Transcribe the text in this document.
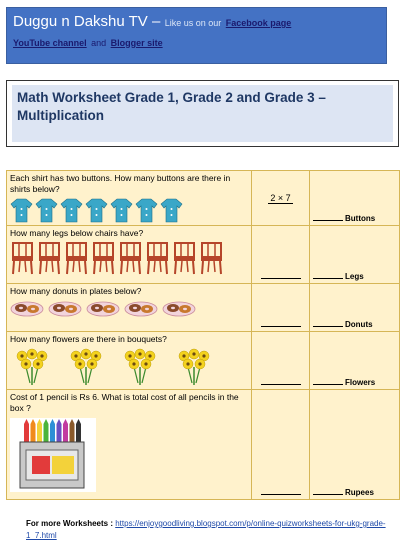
Duggu n Dakshu TV – Like us on our Facebook page
YouTube channel and Blogger site
Math Worksheet Grade 1, Grade 2 and Grade 3 – Multiplication
Each shirt has two buttons. How many buttons are there in shirts below?	2 × 7	Buttons

How many legs below chairs have?		Legs

How many donuts in plates below?		Donuts

How many flowers are there in bouquets?		Flowers

Cost of 1 pencil is Rs 6. What is total cost of all pencils in the box ?		Rupees
For more Worksheets : https://enjoygoodliving.blogspot.com/p/online-quizworksheets-for-ukg-grade-1_7.html
